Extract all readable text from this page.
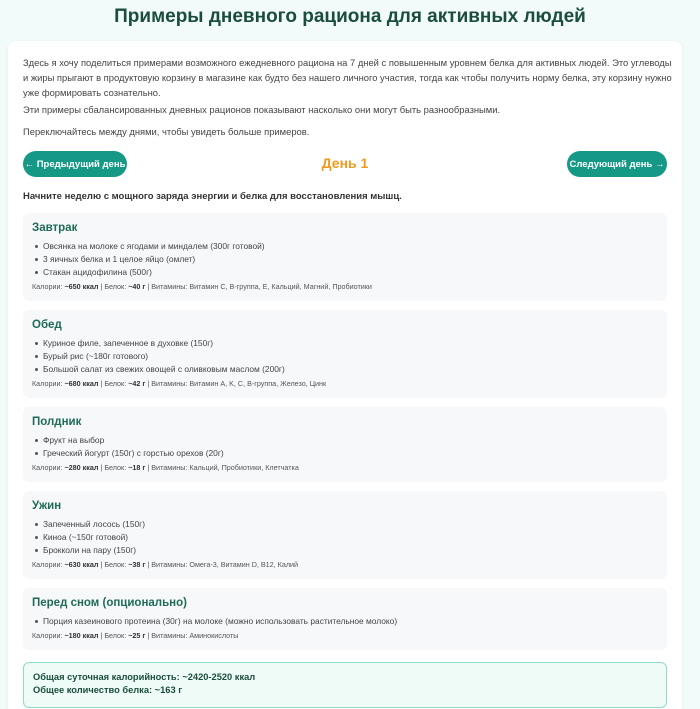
Примеры дневного рациона для активных людей

Здесь я хочу поделиться примерами возможного ежедневного рациона на 7 дней с повышенным уровнем белка для активных людей. Это углеводы и жиры прыгают в продуктовую корзину в магазине как будто без нашего личного участия, тогда как чтобы получить норму белка, эту корзину нужно уже формировать сознательно.

Эти примеры сбалансированных дневных рационов показывают насколько они могут быть разнообразными.

Переключайтесь между днями, чтобы увидеть больше примеров.

← Предыдущий день	День 1	Следующий день →
Начните неделю с мощного заряда энергии и белка для восстановления мышц.
Завтрак
Овсянка на молоке с ягодами и миндалем (300г готовой)
3 яичных белка и 1 целое яйцо (омлет)
Стакан ацидофилина (500г)
Калории: ~650 ккал | Белок: ~40 г | Витамины: Витамин C, B-группа, E, Кальций, Магний, Пробиотики
Обед
Куриное филе, запеченное в духовке (150г)
Бурый рис (~180г готового)
Большой салат из свежих овощей с оливковым маслом (200г)
Калории: ~680 ккал | Белок: ~42 г | Витамины: Витамин A, K, C, B-группа, Железо, Цинк
Полдник
Фрукт на выбор
Греческий йогурт (150г) с горстью орехов (20г)
Калории: ~280 ккал | Белок: ~18 г | Витамины: Кальций, Пробиотики, Клетчатка
Ужин
Запеченный лосось (150г)
Киноа (~150г готовой)
Брокколи на пару (150г)
Калории: ~630 ккал | Белок: ~38 г | Витамины: Омега-3, Витамин D, B12, Калий
Перед сном (опционально)
Порция казеинового протеина (30г) на молоке (можно использовать растительное молоко)
Калории: ~180 ккал | Белок: ~25 г | Витамины: Аминокислоты
Общая суточная калорийность: ~2420-2520 ккал
Общее количество белка: ~163 г
